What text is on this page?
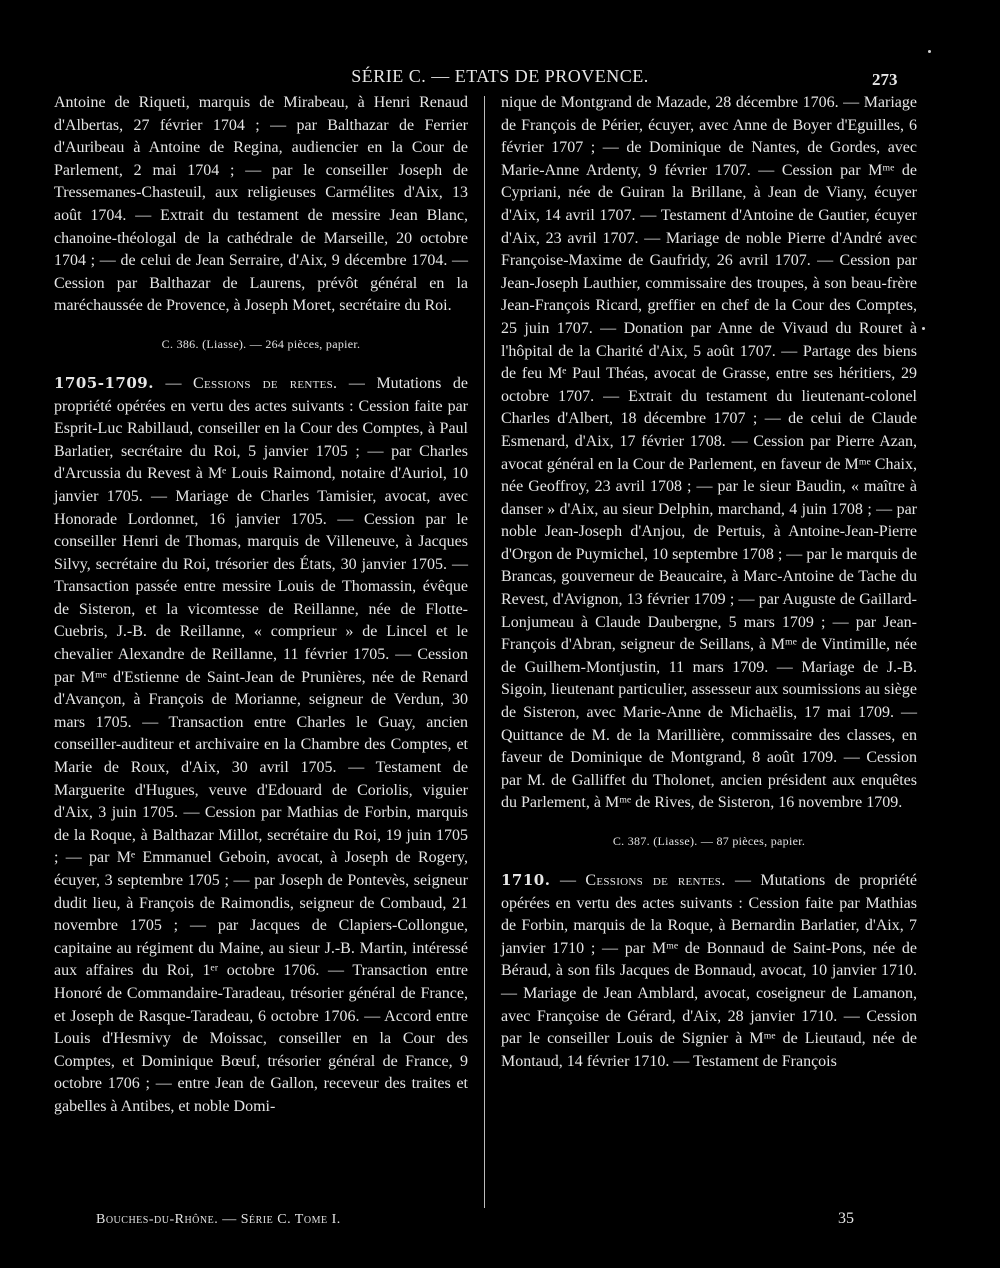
SÉRIE C. — ETATS DE PROVENCE.	273

Antoine de Riqueti, marquis de Mirabeau, à Henri Renaud d'Albertas, 27 février 1704 ; — par Balthazar de Ferrier d'Auribeau à Antoine de Regina, audiencier en la Cour de Parlement, 2 mai 1704 ; — par le conseiller Joseph de Tressemanes-Chasteuil, aux religieuses Carmélites d'Aix, 13 août 1704. — Extrait du testament de messire Jean Blanc, chanoine-théologal de la cathédrale de Marseille, 20 octobre 1704 ; — de celui de Jean Serraire, d'Aix, 9 décembre 1704. — Cession par Balthazar de Laurens, prévôt général en la maréchaussée de Provence, à Joseph Moret, secrétaire du Roi.

C. 386. (Liasse). — 264 pièces, papier.

1705-1709. — Cessions de rentes. — Mutations de propriété opérées en vertu des actes suivants : Cession faite par Esprit-Luc Rabillaud, conseiller en la Cour des Comptes, à Paul Barlatier, secrétaire du Roi, 5 janvier 1705 ; — par Charles d'Arcussia du Revest à Mᵉ Louis Raimond, notaire d'Auriol, 10 janvier 1705. — Mariage de Charles Tamisier, avocat, avec Honorade Lordonnet, 16 janvier 1705. — Cession par le conseiller Henri de Thomas, marquis de Villeneuve, à Jacques Silvy, secrétaire du Roi, trésorier des États, 30 janvier 1705. — Transaction passée entre messire Louis de Thomassin, évêque de Sisteron, et la vicomtesse de Reillanne, née de Flotte-Cuebris, J.-B. de Reillanne, « comprieur » de Lincel et le chevalier Alexandre de Reillanne, 11 février 1705. — Cession par Mᵐᵉ d'Estienne de Saint-Jean de Prunières, née de Renard d'Avançon, à François de Morianne, seigneur de Verdun, 30 mars 1705. — Transaction entre Charles le Guay, ancien conseiller-auditeur et archivaire en la Chambre des Comptes, et Marie de Roux, d'Aix, 30 avril 1705. — Testament de Marguerite d'Hugues, veuve d'Edouard de Coriolis, viguier d'Aix, 3 juin 1705. — Cession par Mathias de Forbin, marquis de la Roque, à Balthazar Millot, secrétaire du Roi, 19 juin 1705 ; — par Mᵉ Emmanuel Geboin, avocat, à Joseph de Rogery, écuyer, 3 septembre 1705 ; — par Joseph de Pontevès, seigneur dudit lieu, à François de Raimondis, seigneur de Combaud, 21 novembre 1705 ; — par Jacques de Clapiers-Collongue, capitaine au régiment du Maine, au sieur J.-B. Martin, intéressé aux affaires du Roi, 1ᵉʳ octobre 1706. — Transaction entre Honoré de Commandaire-Taradeau, trésorier général de France, et Joseph de Rasque-Taradeau, 6 octobre 1706. — Accord entre Louis d'Hesmivy de Moissac, conseiller en la Cour des Comptes, et Dominique Bœuf, trésorier général de France, 9 octobre 1706 ; — entre Jean de Gallon, receveur des traites et gabelles à Antibes, et noble Domi-

nique de Montgrand de Mazade, 28 décembre 1706. — Mariage de François de Périer, écuyer, avec Anne de Boyer d'Eguilles, 6 février 1707 ; — de Dominique de Nantes, de Gordes, avec Marie-Anne Ardenty, 9 février 1707. — Cession par Mᵐᵉ de Cypriani, née de Guiran la Brillane, à Jean de Viany, écuyer d'Aix, 14 avril 1707. — Testament d'Antoine de Gautier, écuyer d'Aix, 23 avril 1707. — Mariage de noble Pierre d'André avec Françoise-Maxime de Gaufridy, 26 avril 1707. — Cession par Jean-Joseph Lauthier, commissaire des troupes, à son beau-frère Jean-François Ricard, greffier en chef de la Cour des Comptes, 25 juin 1707. — Donation par Anne de Vivaud du Rouret à l'hôpital de la Charité d'Aix, 5 août 1707. — Partage des biens de feu Mᵉ Paul Théas, avocat de Grasse, entre ses héritiers, 29 octobre 1707. — Extrait du testament du lieutenant-colonel Charles d'Albert, 18 décembre 1707 ; — de celui de Claude Esmenard, d'Aix, 17 février 1708. — Cession par Pierre Azan, avocat général en la Cour de Parlement, en faveur de Mᵐᵉ Chaix, née Geoffroy, 23 avril 1708 ; — par le sieur Baudin, « maître à danser » d'Aix, au sieur Delphin, marchand, 4 juin 1708 ; — par noble Jean-Joseph d'Anjou, de Pertuis, à Antoine-Jean-Pierre d'Orgon de Puymichel, 10 septembre 1708 ; — par le marquis de Brancas, gouverneur de Beaucaire, à Marc-Antoine de Tache du Revest, d'Avignon, 13 février 1709 ; — par Auguste de Gaillard-Lonjumeau à Claude Daubergne, 5 mars 1709 ; — par Jean-François d'Abran, seigneur de Seillans, à Mᵐᵉ de Vintimille, née de Guilhem-Montjustin, 11 mars 1709. — Mariage de J.-B. Sigoin, lieutenant particulier, assesseur aux soumissions au siège de Sisteron, avec Marie-Anne de Michaëlis, 17 mai 1709. — Quittance de M. de la Marillière, commissaire des classes, en faveur de Dominique de Montgrand, 8 août 1709. — Cession par M. de Galliffet du Tholonet, ancien président aux enquêtes du Parlement, à Mᵐᵉ de Rives, de Sisteron, 16 novembre 1709.

C. 387. (Liasse). — 87 pièces, papier.

1710. — Cessions de rentes. — Mutations de propriété opérées en vertu des actes suivants : Cession faite par Mathias de Forbin, marquis de la Roque, à Bernardin Barlatier, d'Aix, 7 janvier 1710 ; — par Mᵐᵉ de Bonnaud de Saint-Pons, née de Béraud, à son fils Jacques de Bonnaud, avocat, 10 janvier 1710. — Mariage de Jean Amblard, avocat, coseigneur de Lamanon, avec Françoise de Gérard, d'Aix, 28 janvier 1710. — Cession par le conseiller Louis de Signier à Mᵐᵉ de Lieutaud, née de Montaud, 14 février 1710. — Testament de François

Bouches-du-Rhône. — Série C. Tome I.	35
